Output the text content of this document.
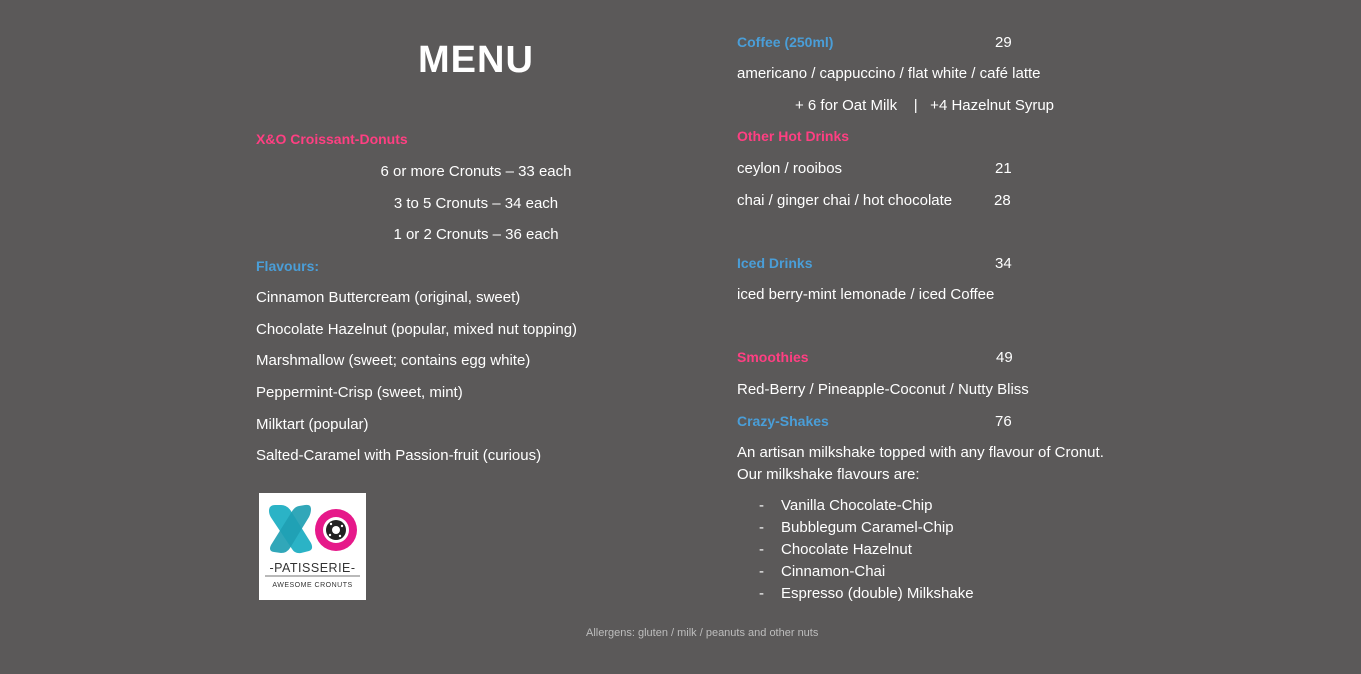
MENU
X&O Croissant-Donuts
6 or more Cronuts – 33 each
3 to 5 Cronuts – 34 each
1 or 2 Cronuts – 36 each
Flavours:
Cinnamon Buttercream (original, sweet)
Chocolate Hazelnut (popular, mixed nut topping)
Marshmallow (sweet; contains egg white)
Peppermint-Crisp (sweet, mint)
Milktart (popular)
Salted-Caramel with Passion-fruit (curious)
-PATISSERIE-
AWESOME CRONUTS
Coffee (250ml)	29
americano / cappuccino / flat white / café latte
+ 6 for Oat Milk    |   +4 Hazelnut Syrup
Other Hot Drinks
ceylon / rooibos	21
chai / ginger chai / hot chocolate	28
Iced Drinks	34
iced berry-mint lemonade / iced Coffee
Smoothies	49
Red-Berry / Pineapple-Coconut / Nutty Bliss
Crazy-Shakes	76
An artisan milkshake topped with any flavour of Cronut.
Our milkshake flavours are:
- Vanilla Chocolate-Chip
- Bubblegum Caramel-Chip
- Chocolate Hazelnut
- Cinnamon-Chai
- Espresso (double) Milkshake
Allergens: gluten / milk / peanuts and other nuts
